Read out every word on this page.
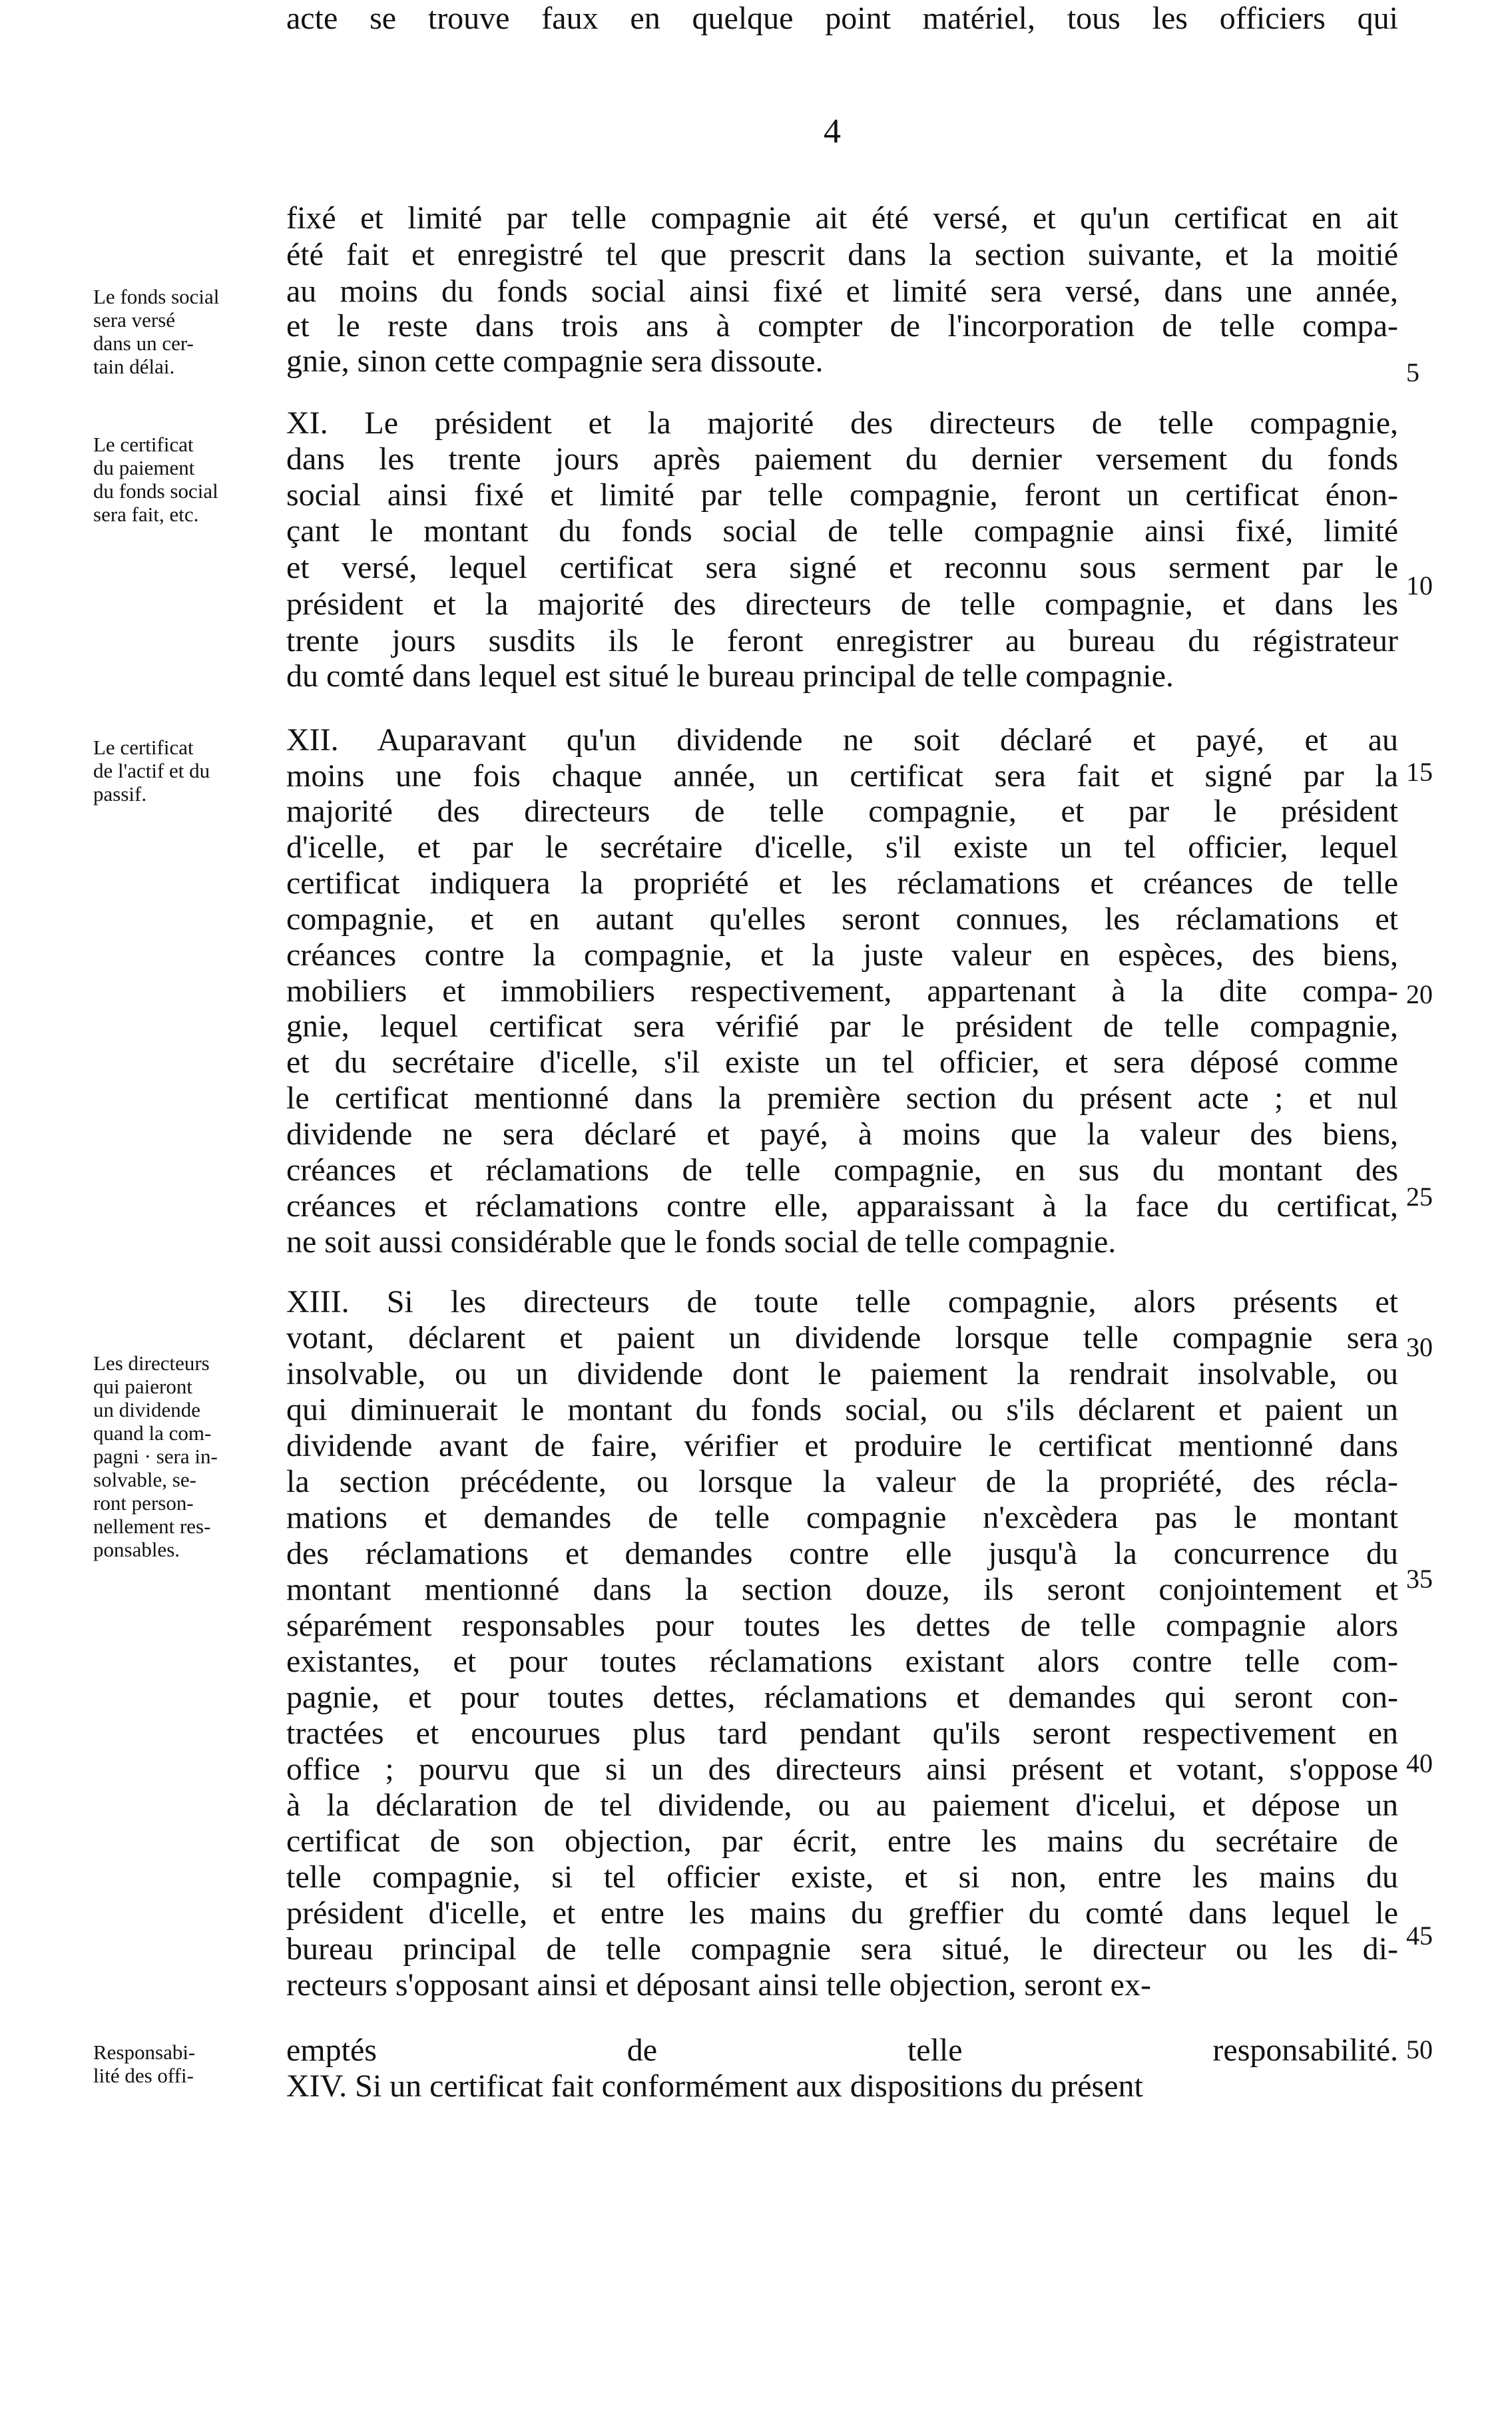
4
Le fonds social
sera versé
dans un cer-
tain délai.
Le certificat
du paiement
du fonds social
sera fait, etc.
Le certificat
de l'actif et du
passif.
Les directeurs
qui paieront
un dividende
quand la com-
pagni · sera in-
solvable, se-
ront person-
nellement res-
ponsables.
Responsabi-
lité des offi-
fixé et limité par telle compagnie ait été versé, et qu'un certificat en ait
été fait et enregistré tel que prescrit dans la section suivante, et la moitié
au moins du fonds social ainsi fixé et limité sera versé, dans une année,
et le reste dans trois ans à compter de l'incorporation de telle compa-
gnie, sinon cette compagnie sera dissoute.
XI. Le président et la majorité des directeurs de telle compagnie,
dans les trente jours après paiement du dernier versement du fonds
social ainsi fixé et limité par telle compagnie, feront un certificat énon-
çant le montant du fonds social de telle compagnie ainsi fixé, limité
et versé, lequel certificat sera signé et reconnu sous serment par le
président et la majorité des directeurs de telle compagnie, et dans les
trente jours susdits ils le feront enregistrer au bureau du régistrateur
du comté dans lequel est situé le bureau principal de telle compagnie.
XII. Auparavant qu'un dividende ne soit déclaré et payé, et au
moins une fois chaque année, un certificat sera fait et signé par la
majorité des directeurs de telle compagnie, et par le président
d'icelle, et par le secrétaire d'icelle, s'il existe un tel officier, lequel
certificat indiquera la propriété et les réclamations et créances de telle
compagnie, et en autant qu'elles seront connues, les réclamations et
créances contre la compagnie, et la juste valeur en espèces, des biens,
mobiliers et immobiliers respectivement, appartenant à la dite compa-
gnie, lequel certificat sera vérifié par le président de telle compagnie,
et du secrétaire d'icelle, s'il existe un tel officier, et sera déposé comme
le certificat mentionné dans la première section du présent acte ; et nul
dividende ne sera déclaré et payé, à moins que la valeur des biens,
créances et réclamations de telle compagnie, en sus du montant des
créances et réclamations contre elle, apparaissant à la face du certificat,
ne soit aussi considérable que le fonds social de telle compagnie.
XIII. Si les directeurs de toute telle compagnie, alors présents et
votant, déclarent et paient un dividende lorsque telle compagnie sera
insolvable, ou un dividende dont le paiement la rendrait insolvable, ou
qui diminuerait le montant du fonds social, ou s'ils déclarent et paient un
dividende avant de faire, vérifier et produire le certificat mentionné dans
la section précédente, ou lorsque la valeur de la propriété, des récla-
mations et demandes de telle compagnie n'excèdera pas le montant
des réclamations et demandes contre elle jusqu'à la concurrence du
montant mentionné dans la section douze, ils seront conjointement et
séparément responsables pour toutes les dettes de telle compagnie alors
existantes, et pour toutes réclamations existant alors contre telle com-
pagnie, et pour toutes dettes, réclamations et demandes qui seront con-
tractées et encourues plus tard pendant qu'ils seront respectivement en
office ; pourvu que si un des directeurs ainsi présent et votant, s'oppose
à la déclaration de tel dividende, ou au paiement d'icelui, et dépose un
certificat de son objection, par écrit, entre les mains du secrétaire de
telle compagnie, si tel officier existe, et si non, entre les mains du
président d'icelle, et entre les mains du greffier du comté dans lequel le
bureau principal de telle compagnie sera situé, le directeur ou les di-
recteurs s'opposant ainsi et déposant ainsi telle objection, seront ex-
emptés de telle responsabilité.
XIV. Si un certificat fait conformément aux dispositions du présent
acte se trouve faux en quelque point matériel, tous les officiers qui
5
10
15
20
25
30
35
40
45
50
